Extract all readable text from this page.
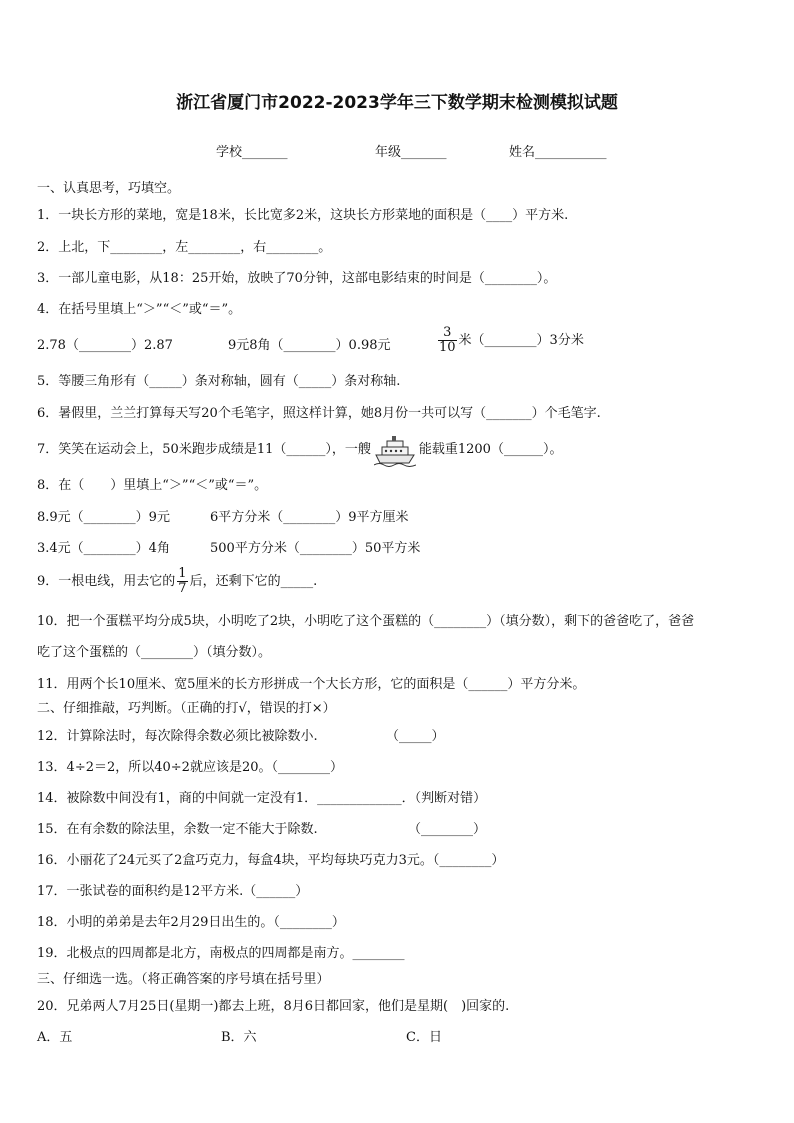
浙江省厦门市2022-2023学年三下数学期末检测模拟试题
学校_______	年级_______	姓名___________
一、认真思考，巧填空。
1．一块长方形的菜地，宽是18米，长比宽多2米，这块长方形菜地的面积是（____）平方米.
2．上北，下________，左________，右________。
3．一部儿童电影，从18：25开始，放映了70分钟，这部电影结束的时间是（________）。
4．在括号里填上“＞”“＜”或“＝”。
2.78（________）2.87	9元8角（________）0.98元	$\frac{3}{10}$ 米（________）3分米
5．等腰三角形有（_____）条对称轴，圆有（_____）条对称轴.
6．暑假里，兰兰打算每天写20个毛笔字，照这样计算，她8月份一共可以写（_______）个毛笔字.
7．笑笑在运动会上，50米跑步成绩是11（______），一艘	能载重1200（______）。
8．在（　　）里填上“＞”“＜”或“＝”。
8.9元（________）9元	6平方分米（________）9平方厘米
3.4元（________）4角	500平方分米（________）50平方米
9．一根电线，用去它的 $\frac{1}{7}$ 后，还剩下它的_____.
10．把一个蛋糕平均分成5块，小明吃了2块，小明吃了这个蛋糕的（________）（填分数），剩下的爸爸吃了，爸爸
吃了这个蛋糕的（________）（填分数）。
11．用两个长10厘米、宽5厘米的长方形拼成一个大长方形，它的面积是（______）平方分米。
二、仔细推敲，巧判断。（正确的打√，错误的打×）
12．计算除法时，每次除得余数必须比被除数小.	（_____）
13．4÷2＝2，所以40÷2就应该是20。（________）
14．被除数中间没有1，商的中间就一定没有1．_____________．（判断对错）
15．在有余数的除法里，余数一定不能大于除数.	（________）
16．小丽花了24元买了2盒巧克力，每盒4块，平均每块巧克力3元。（________）
17．一张试卷的面积约是12平方米.（______）
18．小明的弟弟是去年2月29日出生的。（________）
19．北极点的四周都是北方，南极点的四周都是南方。________
三、仔细选一选。（将正确答案的序号填在括号里）
20．兄弟两人7月25日(星期一)都去上班，8月6日都回家，他们是星期(　)回家的.
A．五	B．六	C．日
